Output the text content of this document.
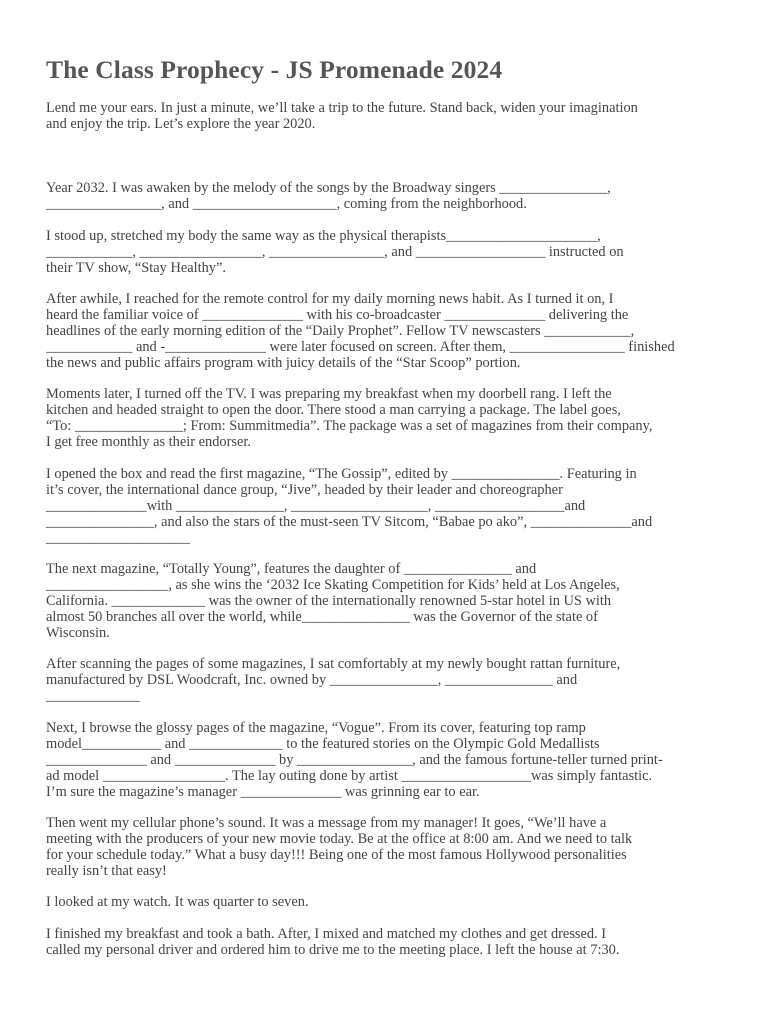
The Class Prophecy - JS Promenade 2024

Lend me your ears. In just a minute, we’ll take a trip to the future. Stand back, widen your imagination
and enjoy the trip. Let’s explore the year 2020.

Year 2032. I was awaken by the melody of the songs by the Broadway singers _______________,
________________, and ____________________, coming from the neighborhood.

I stood up, stretched my body the same way as the physical therapists_____________________,
____________, _________________, ________________, and __________________ instructed on
their TV show, “Stay Healthy”.

After awhile, I reached for the remote control for my daily morning news habit. As I turned it on, I
heard the familiar voice of ______________ with his co-broadcaster ______________ delivering the
headlines of the early morning edition of the “Daily Prophet”. Fellow TV newscasters ____________,
____________ and -______________ were later focused on screen. After them, ________________ finished
the news and public affairs program with juicy details of the “Star Scoop” portion.

Moments later, I turned off the TV. I was preparing my breakfast when my doorbell rang. I left the
kitchen and headed straight to open the door. There stood a man carrying a package. The label goes,
“To: _______________; From: Summitmedia”. The package was a set of magazines from their company,
I get free monthly as their endorser.

I opened the box and read the first magazine, “The Gossip”, edited by _______________. Featuring in
it’s cover, the international dance group, “Jive”, headed by their leader and choreographer
______________with _______________, ___________________, __________________and
_______________, and also the stars of the must-seen TV Sitcom, “Babae po ako”, ______________and
____________________

The next magazine, “Totally Young”, features the daughter of _______________ and
_________________, as she wins the ‘2032 Ice Skating Competition for Kids’ held at Los Angeles,
California. _____________ was the owner of the internationally renowned 5-star hotel in US with
almost 50 branches all over the world, while_______________ was the Governor of the state of
Wisconsin.

After scanning the pages of some magazines, I sat comfortably at my newly bought rattan furniture,
manufactured by DSL Woodcraft, Inc. owned by _______________, _______________ and
_____________

Next, I browse the glossy pages of the magazine, “Vogue”. From its cover, featuring top ramp
model___________ and _____________ to the featured stories on the Olympic Gold Medallists
______________ and ______________ by ________________, and the famous fortune-teller turned print-
ad model _________________. The lay outing done by artist __________________was simply fantastic.
I’m sure the magazine’s manager ______________ was grinning ear to ear.

Then went my cellular phone’s sound. It was a message from my manager! It goes, “We’ll have a
meeting with the producers of your new movie today. Be at the office at 8:00 am. And we need to talk
for your schedule today.” What a busy day!!! Being one of the most famous Hollywood personalities
really isn’t that easy!

I looked at my watch. It was quarter to seven.

I finished my breakfast and took a bath. After, I mixed and matched my clothes and get dressed. I
called my personal driver and ordered him to drive me to the meeting place. I left the house at 7:30.
